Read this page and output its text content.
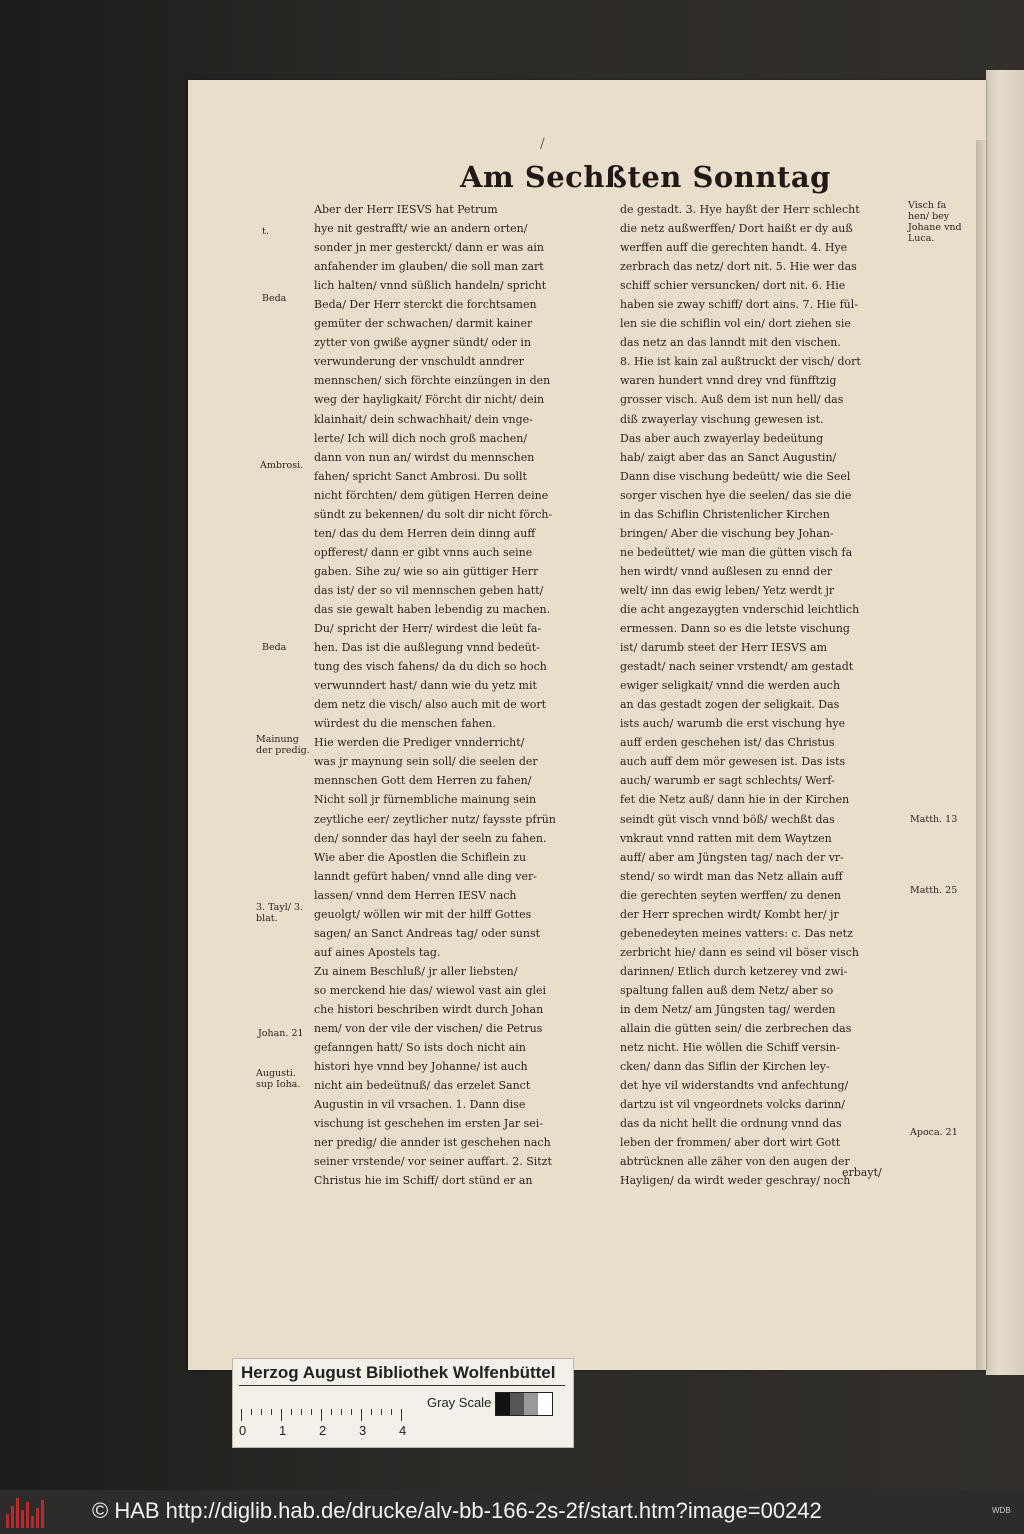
/
Am Sechßten Sonntag
Aber der Herr IESVS hat Petrum
hye nit gestrafft/ wie an andern orten/
sonder jn mer gesterckt/ dann er was ain
anfahender im glauben/ die soll man zart
lich halten/ vnnd süßlich handeln/ spricht
Beda/ Der Herr sterckt die forchtsamen
gemüter der schwachen/ darmit kainer
zytter von gwiße aygner sündt/ oder in
verwunderung der vnschuldt anndrer
mennschen/ sich förchte einzüngen in den
weg der hayligkait/ Förcht dir nicht/ dein
klainhait/ dein schwachhait/ dein vnge-
lerte/ Ich will dich noch groß machen/
dann von nun an/ wirdst du mennschen
fahen/ spricht Sanct Ambrosi. Du sollt
nicht förchten/ dem gütigen Herren deine
sündt zu bekennen/ du solt dir nicht förch-
ten/ das du dem Herren dein dinng auff
opfferest/ dann er gibt vnns auch seine
gaben. Sihe zu/ wie so ain güttiger Herr
das ist/ der so vil mennschen geben hatt/
das sie gewalt haben lebendig zu machen.
Du/ spricht der Herr/ wirdest die leüt fa-
hen. Das ist die außlegung vnnd bedeüt-
tung des visch fahens/ da du dich so hoch
verwunndert hast/ dann wie du yetz mit
dem netz die visch/ also auch mit de wort
würdest du die menschen fahen.
Hie werden die Prediger vnnderricht/
was jr maynung sein soll/ die seelen der
mennschen Gott dem Herren zu fahen/
Nicht soll jr fürnembliche mainung sein
zeytliche eer/ zeytlicher nutz/ faysste pfrün
den/ sonnder das hayl der seeln zu fahen.
Wie aber die Apostlen die Schiflein zu
lanndt gefürt haben/ vnnd alle ding ver-
lassen/ vnnd dem Herren IESV nach
geuolgt/ wöllen wir mit der hilff Gottes
sagen/ an Sanct Andreas tag/ oder sunst
auf aines Apostels tag.
Zu ainem Beschluß/ jr aller liebsten/
so merckend hie das/ wiewol vast ain glei
che histori beschriben wirdt durch Johan
nem/ von der vile der vischen/ die Petrus
gefanngen hatt/ So ists doch nicht ain
histori hye vnnd bey Johanne/ ist auch
nicht ain bedeütnuß/ das erzelet Sanct
Augustin in vil vrsachen. 1. Dann dise
vischung ist geschehen im ersten Jar sei-
ner predig/ die annder ist geschehen nach
seiner vrstende/ vor seiner auffart. 2. Sitzt
Christus hie im Schiff/ dort stünd er an
de gestadt. 3. Hye hayßt der Herr schlecht
die netz außwerffen/ Dort haißt er dy auß
werffen auff die gerechten handt. 4. Hye
zerbrach das netz/ dort nit. 5. Hie wer das
schiff schier versuncken/ dort nit. 6. Hie
haben sie zway schiff/ dort ains. 7. Hie fül-
len sie die schiflin vol ein/ dort ziehen sie
das netz an das lanndt mit den vischen.
8. Hie ist kain zal außtruckt der visch/ dort
waren hundert vnnd drey vnd fünfftzig
grosser visch. Auß dem ist nun hell/ das
diß zwayerlay vischung gewesen ist.
Das aber auch zwayerlay bedeütung
hab/ zaigt aber das an Sanct Augustin/
Dann dise vischung bedeütt/ wie die Seel
sorger vischen hye die seelen/ das sie die
in das Schiflin Christenlicher Kirchen
bringen/ Aber die vischung bey Johan-
ne bedeüttet/ wie man die gütten visch fa
hen wirdt/ vnnd außlesen zu ennd der
welt/ inn das ewig leben/ Yetz werdt jr
die acht angezaygten vnderschid leichtlich
ermessen. Dann so es die letste vischung
ist/ darumb steet der Herr IESVS am
gestadt/ nach seiner vrstendt/ am gestadt
ewiger seligkait/ vnnd die werden auch
an das gestadt zogen der seligkait. Das
ists auch/ warumb die erst vischung hye
auff erden geschehen ist/ das Christus
auch auff dem mör gewesen ist. Das ists
auch/ warumb er sagt schlechts/ Werf-
fet die Netz auß/ dann hie in der Kirchen
seindt güt visch vnnd böß/ wechßt das
vnkraut vnnd ratten mit dem Waytzen
auff/ aber am Jüngsten tag/ nach der vr-
stend/ so wirdt man das Netz allain auff
die gerechten seyten werffen/ zu denen
der Herr sprechen wirdt/ Kombt her/ jr
gebenedeyten meines vatters: c. Das netz
zerbricht hie/ dann es seind vil böser visch
darinnen/ Etlich durch ketzerey vnd zwi-
spaltung fallen auß dem Netz/ aber so
in dem Netz/ am Jüngsten tag/ werden
allain die gütten sein/ die zerbrechen das
netz nicht. Hie wöllen die Schiff versin-
cken/ dann das Siflin der Kirchen ley-
det hye vil widerstandts vnd anfechtung/
dartzu ist vil vngeordnets volcks darinn/
das da nicht hellt die ordnung vnnd das
leben der frommen/ aber dort wirt Gott
abtrücknen alle zäher von den augen der
Hayligen/ da wirdt weder geschray/ noch
t.
Beda
Ambrosi.
Beda
Mainung der predig.
3. Tayl/ 3. blat.
Johan. 21
Augusti. sup Ioha.
Visch fa hen/ bey Johane vnd Luca.
Matth. 13
Matth. 25
Apoca. 21
erbayt/
Herzog August Bibliothek Wolfenbüttel
Gray Scale
0	1	2	3	4
© HAB http://diglib.hab.de/drucke/alv-bb-166-2s-2f/start.htm?image=00242	WDB
